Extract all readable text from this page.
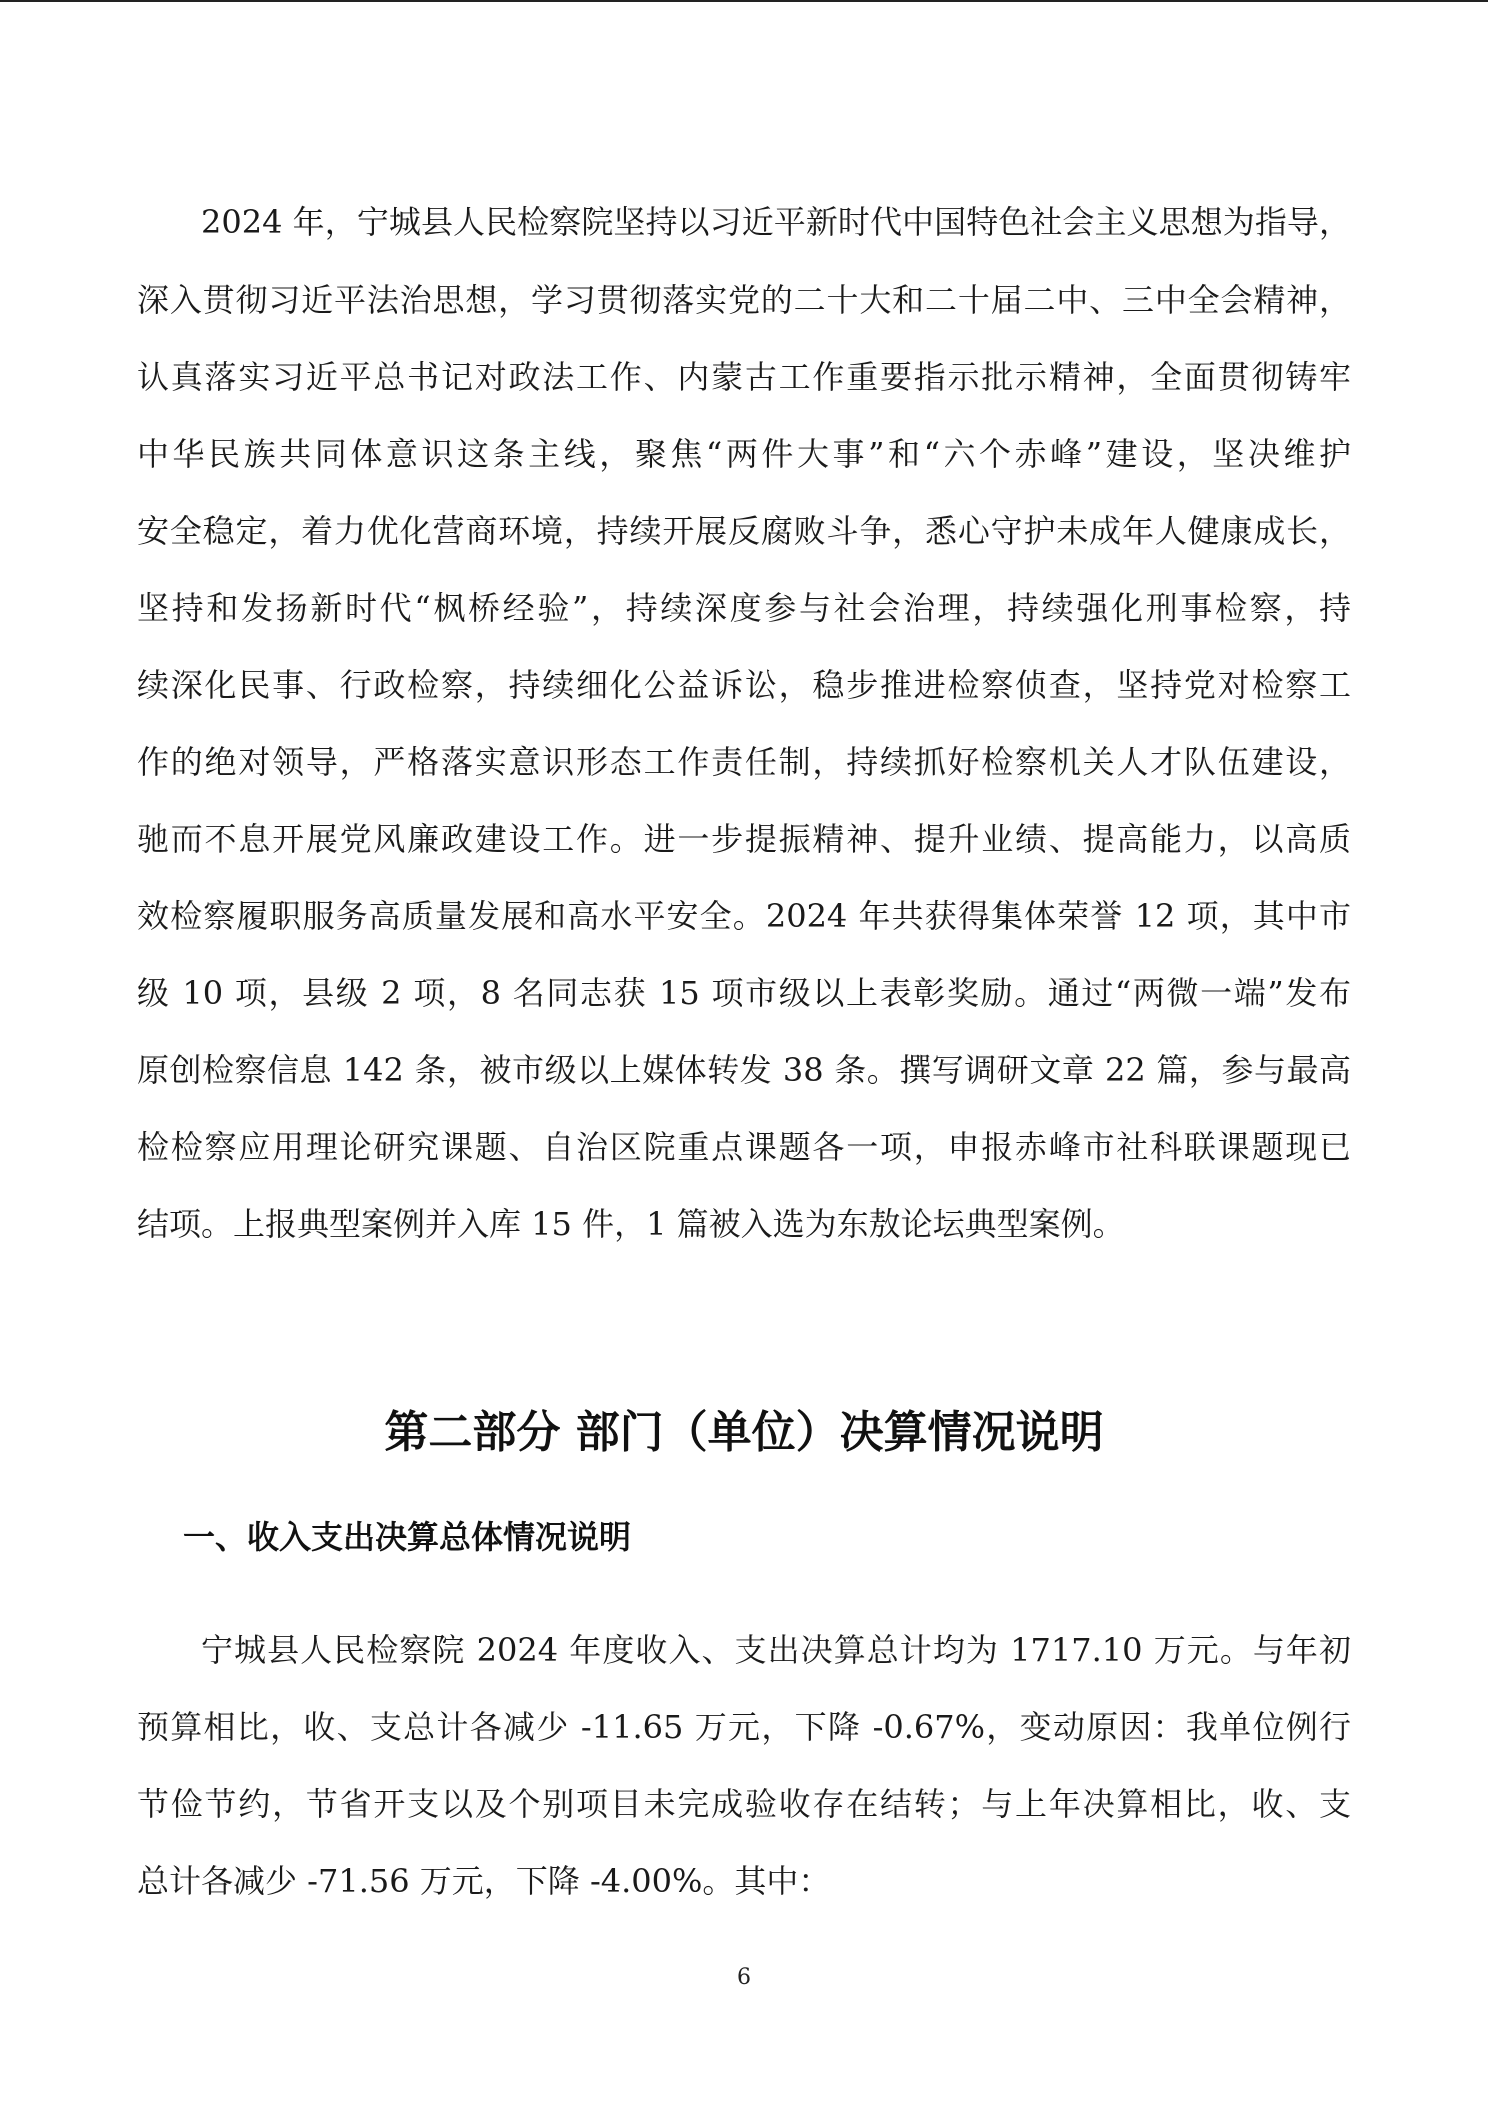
2024 年，宁城县人民检察院坚持以习近平新时代中国特色社会主义思想为指导，

深入贯彻习近平法治思想，学习贯彻落实党的二十大和二十届二中、三中全会精神，

认真落实习近平总书记对政法工作、内蒙古工作重要指示批示精神，全面贯彻铸牢

中华民族共同体意识这条主线，聚焦“两件大事”和“六个赤峰”建设，坚决维护

安全稳定，着力优化营商环境，持续开展反腐败斗争，悉心守护未成年人健康成长，

坚持和发扬新时代“枫桥经验”，持续深度参与社会治理，持续强化刑事检察，持

续深化民事、行政检察，持续细化公益诉讼，稳步推进检察侦查，坚持党对检察工

作的绝对领导，严格落实意识形态工作责任制，持续抓好检察机关人才队伍建设，

驰而不息开展党风廉政建设工作。进一步提振精神、提升业绩、提高能力，以高质

效检察履职服务高质量发展和高水平安全。2024 年共获得集体荣誉 12 项，其中市

级 10 项，县级 2 项，8 名同志获 15 项市级以上表彰奖励。通过“两微一端”发布

原创检察信息 142 条，被市级以上媒体转发 38 条。撰写调研文章 22 篇，参与最高

检检察应用理论研究课题、自治区院重点课题各一项，申报赤峰市社科联课题现已

结项。上报典型案例并入库 15 件，1 篇被入选为东敖论坛典型案例。

第二部分 部门（单位）决算情况说明
一、收入支出决算总体情况说明

宁城县人民检察院 2024 年度收入、支出决算总计均为 1717.10 万元。与年初

预算相比，收、支总计各减少 -11.65 万元，下降 -0.67%，变动原因：我单位例行

节俭节约，节省开支以及个别项目未完成验收存在结转；与上年决算相比，收、支

总计各减少 -71.56 万元，下降 -4.00%。其中：

6
